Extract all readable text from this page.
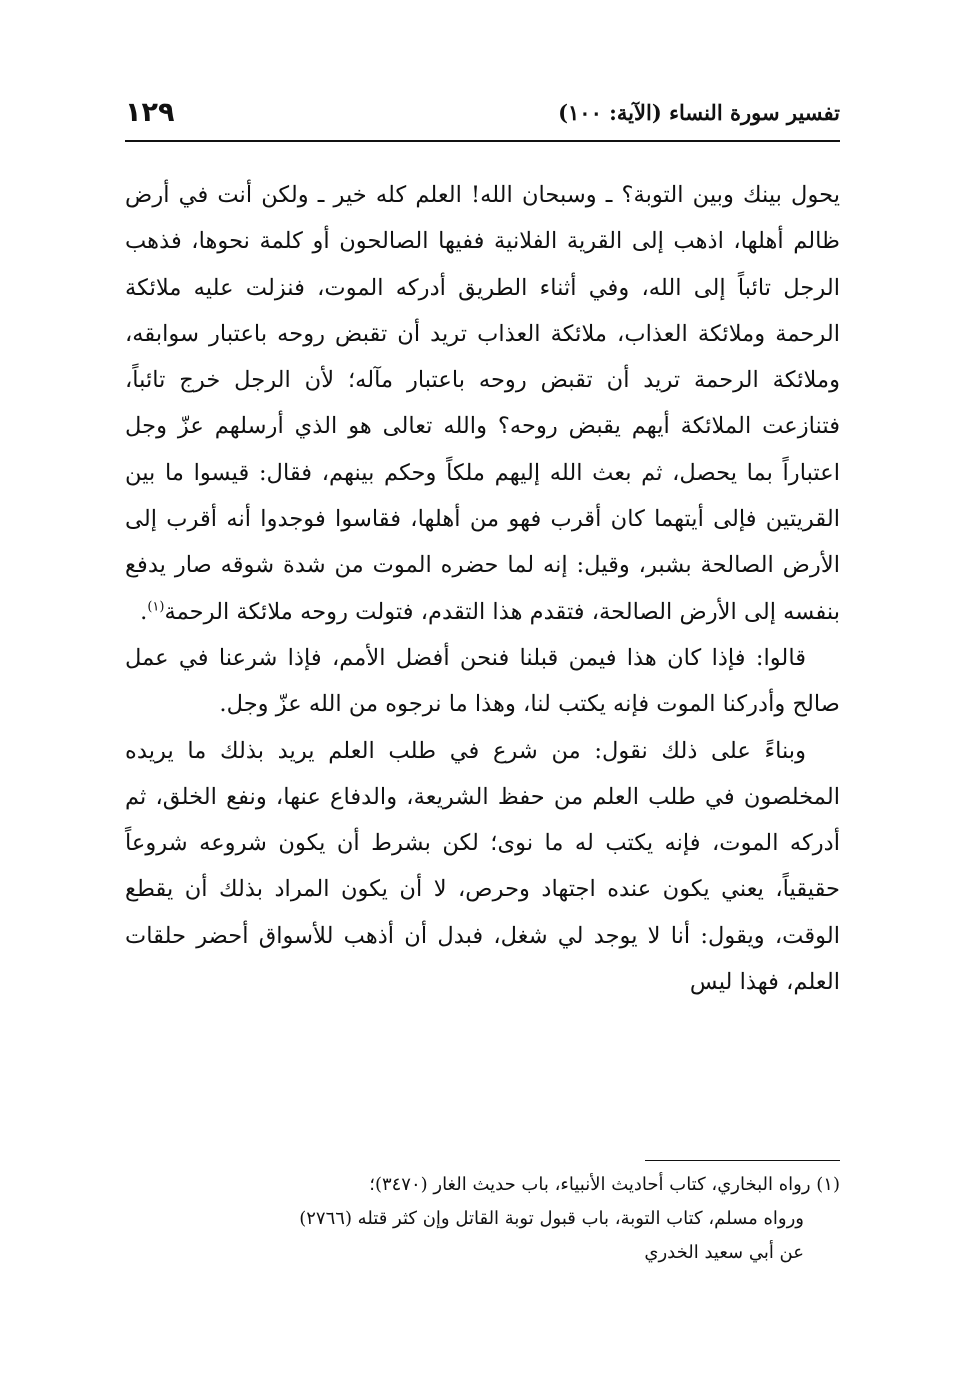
تفسير سورة النساء (الآية: ١٠٠)
١٢٩

يحول بينك وبين التوبة؟ ـ وسبحان الله! العلم كله خير ـ ولكن أنت في أرض ظالم أهلها، اذهب إلى القرية الفلانية ففيها الصالحون أو كلمة نحوها، فذهب الرجل تائباً إلى الله، وفي أثناء الطريق أدركه الموت، فنزلت عليه ملائكة الرحمة وملائكة العذاب، ملائكة العذاب تريد أن تقبض روحه باعتبار سوابقه، وملائكة الرحمة تريد أن تقبض روحه باعتبار مآله؛ لأن الرجل خرج تائباً، فتنازعت الملائكة أيهم يقبض روحه؟ والله تعالى هو الذي أرسلهم عزّ وجل اعتباراً بما يحصل، ثم بعث الله إليهم ملكاً وحكم بينهم، فقال: قيسوا ما بين القريتين فإلى أيتهما كان أقرب فهو من أهلها، فقاسوا فوجدوا أنه أقرب إلى الأرض الصالحة بشبر، وقيل: إنه لما حضره الموت من شدة شوقه صار يدفع بنفسه إلى الأرض الصالحة، فتقدم هذا التقدم، فتولت روحه ملائكة الرحمة$^{(١)}$.

قالوا: فإذا كان هذا فيمن قبلنا فنحن أفضل الأمم، فإذا شرعنا في عمل صالح وأدركنا الموت فإنه يكتب لنا، وهذا ما نرجوه من الله عزّ وجل.

وبناءً على ذلك نقول: من شرع في طلب العلم يريد بذلك ما يريده المخلصون في طلب العلم من حفظ الشريعة، والدفاع عنها، ونفع الخلق، ثم أدركه الموت، فإنه يكتب له ما نوى؛ لكن بشرط أن يكون شروعه شروعاً حقيقياً، يعني يكون عنده اجتهاد وحرص، لا أن يكون المراد بذلك أن يقطع الوقت، ويقول: أنا لا يوجد لي شغل، فبدل أن أذهب للأسواق أحضر حلقات العلم، فهذا ليس

(١) رواه البخاري، كتاب أحاديث الأنبياء، باب حديث الغار (٣٤٧٠)؛

ورواه مسلم، كتاب التوبة، باب قبول توبة القاتل وإن كثر قتله (٢٧٦٦)

عن أبي سعيد الخدري
